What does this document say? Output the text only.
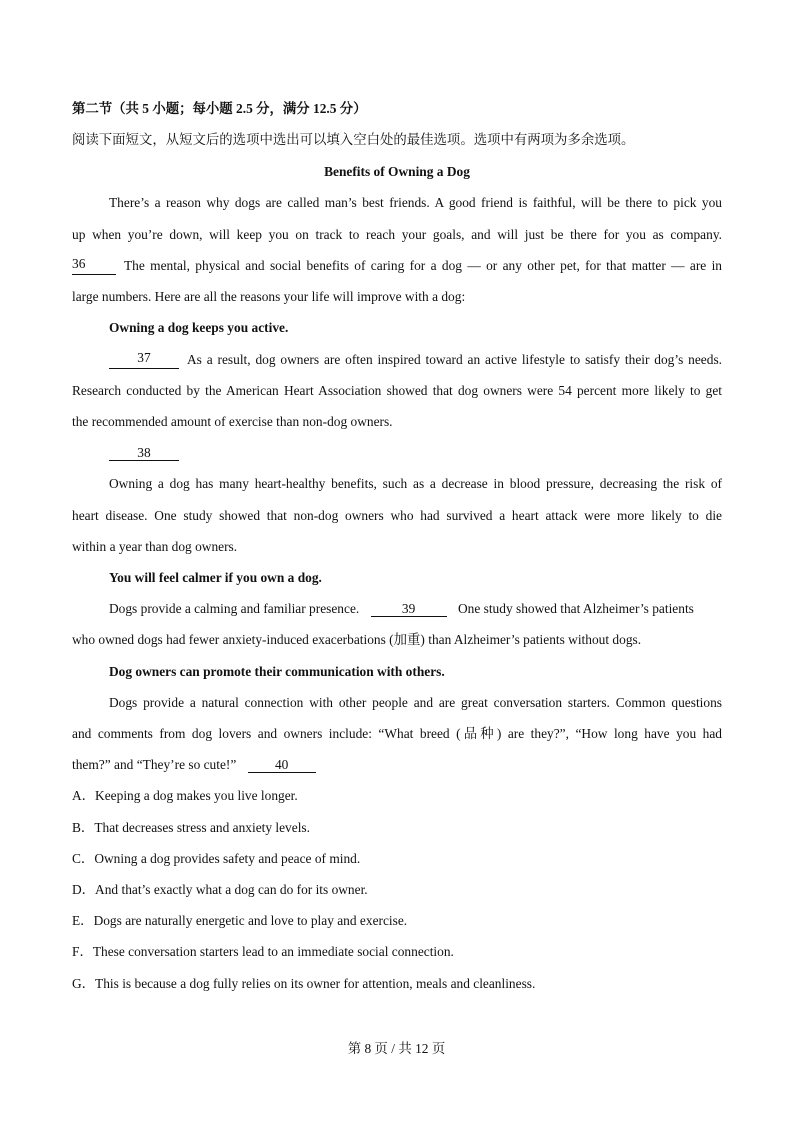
第二节（共 5 小题；每小题 2.5 分，满分 12.5 分）
阅读下面短文，从短文后的选项中选出可以填入空白处的最佳选项。选项中有两项为多余选项。
Benefits of Owning a Dog
There’s a reason why dogs are called man’s best friends. A good friend is faithful, will be there to pick you
up when you’re down, will keep you on track to reach your goals, and will just be there for you as company.
36	The mental, physical and social benefits of caring for a dog — or any other pet, for that matter — are in
large numbers. Here are all the reasons your life will improve with a dog:
Owning a dog keeps you active.
37	As a result, dog owners are often inspired toward an active lifestyle to satisfy their dog’s needs.
Research conducted by the American Heart Association showed that dog owners were 54 percent more likely to get
the recommended amount of exercise than non-dog owners.
38
Owning a dog has many heart-healthy benefits, such as a decrease in blood pressure, decreasing the risk of
heart disease. One study showed that non-dog owners who had survived a heart attack were more likely to die
within a year than dog owners.
You will feel calmer if you own a dog.
Dogs provide a calming and familiar presence.	39	One study showed that Alzheimer’s patients
who owned dogs had fewer anxiety-induced exacerbations (加重) than Alzheimer’s patients without dogs.
Dog owners can promote their communication with others.
Dogs provide a natural connection with other people and are great conversation starters. Common questions
and comments from dog lovers and owners include: “What breed (品种) are they?”, “How long have you had
them?” and “They’re so cute!”	40
A．Keeping a dog makes you live longer.
B．That decreases stress and anxiety levels.
C．Owning a dog provides safety and peace of mind.
D．And that’s exactly what a dog can do for its owner.
E．Dogs are naturally energetic and love to play and exercise.
F．These conversation starters lead to an immediate social connection.
G．This is because a dog fully relies on its owner for attention, meals and cleanliness.
第 8 页 / 共 12 页
